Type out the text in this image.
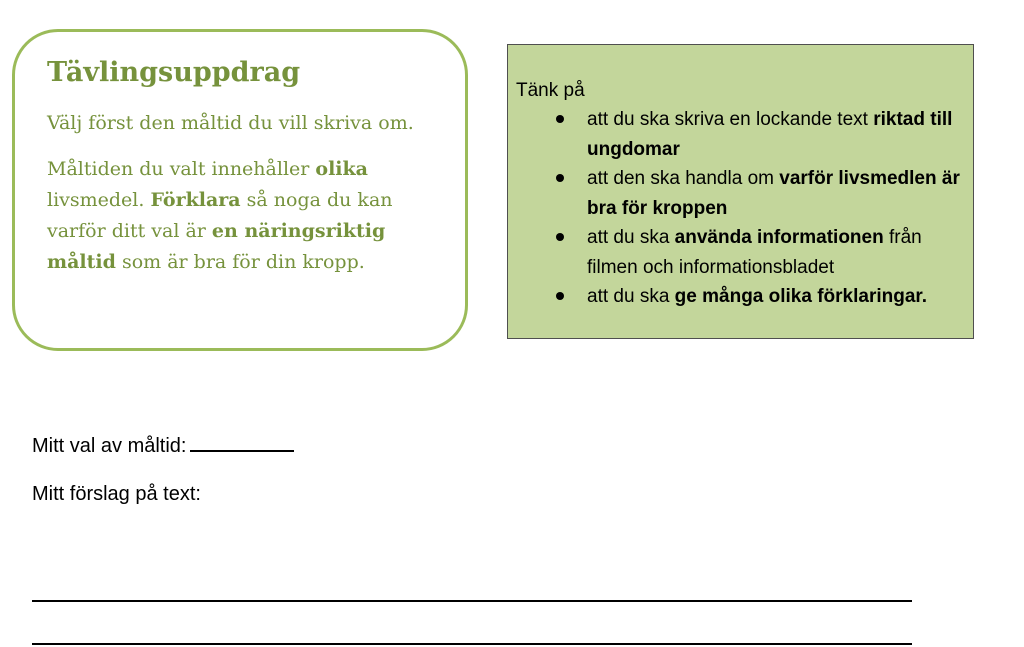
Tävlingsuppdrag

Välj först den måltid du vill skriva om.

Måltiden du valt innehåller olika livsmedel. Förklara så noga du kan varför ditt val är en näringsriktig måltid som är bra för din kropp.

Tänk på
att du ska skriva en lockande text riktad till ungdomar
att den ska handla om varför livsmedlen är bra för kroppen
att du ska använda informationen från filmen och informationsbladet
att du ska ge många olika förklaringar.
Mitt val av måltid:
Mitt förslag på text:
